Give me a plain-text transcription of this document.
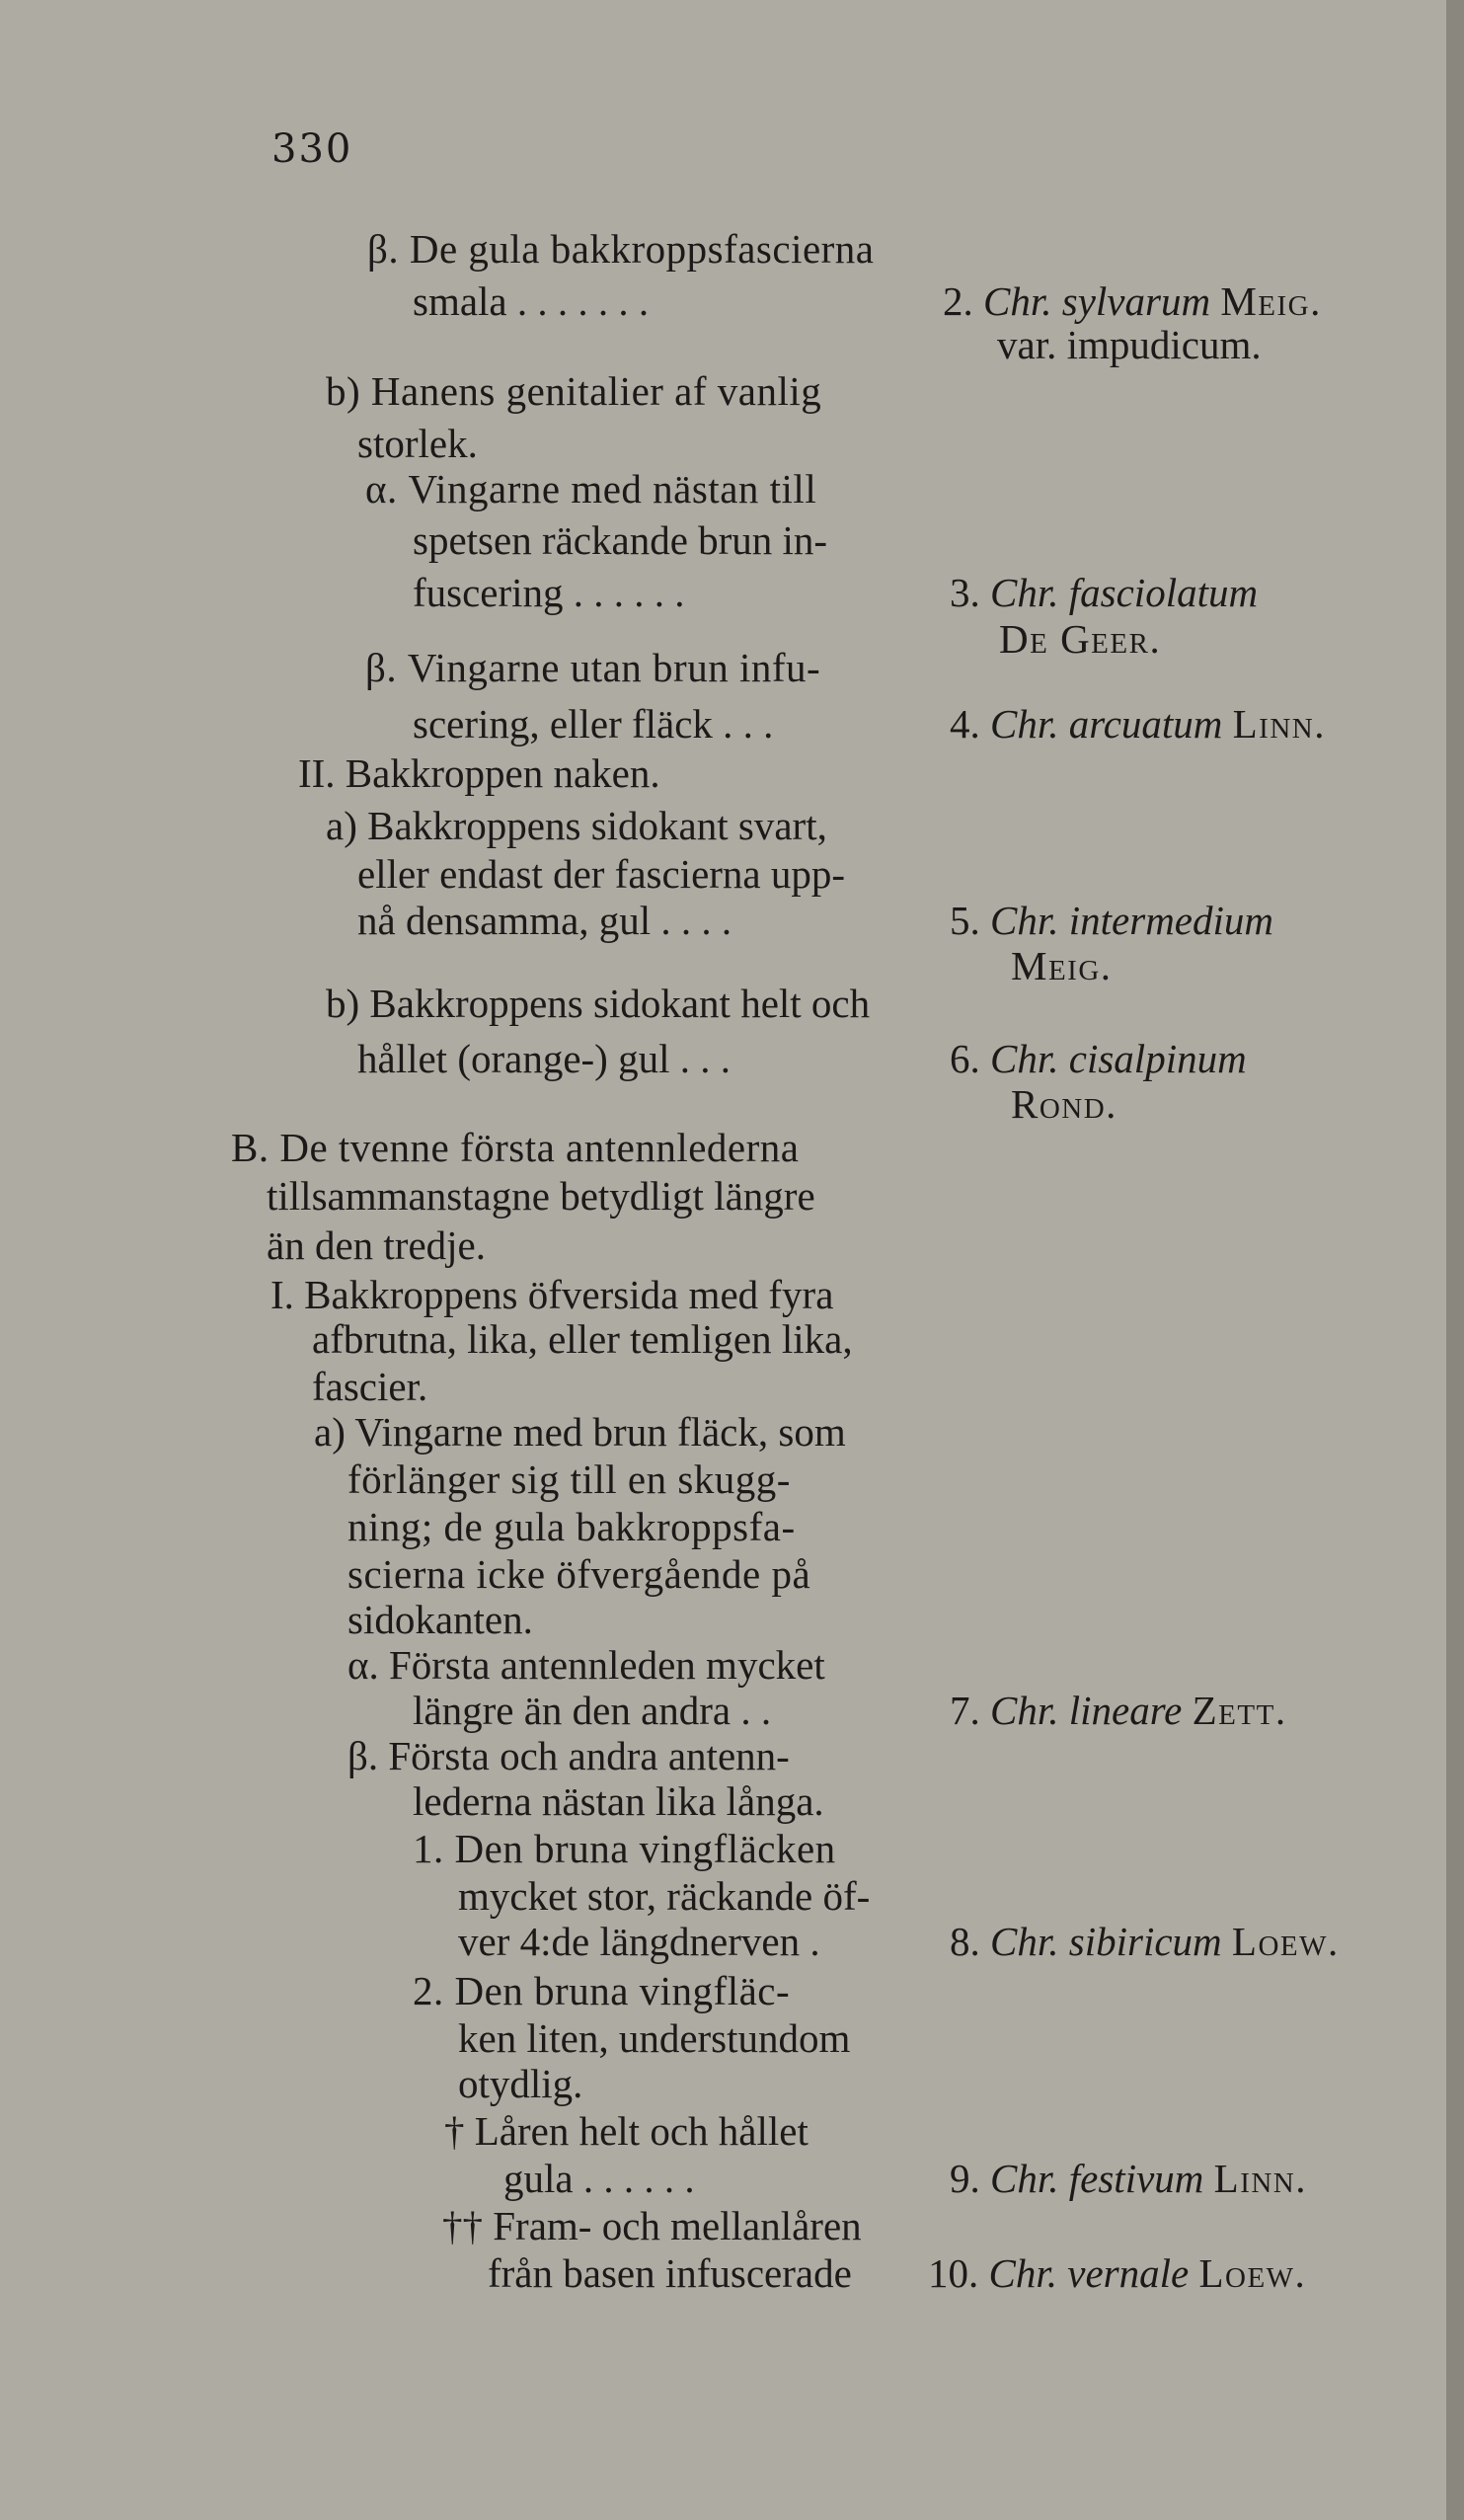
330
β. De gula bakkroppsfascierna
smala . . . . . . .
b) Hanens genitalier af vanlig
storlek.
α. Vingarne med nästan till
spetsen räckande brun in-
fuscering . . . . . .
β. Vingarne utan brun infu-
scering, eller fläck . . .
II. Bakkroppen naken.
a) Bakkroppens sidokant svart,
eller endast der fascierna upp-
nå densamma, gul . . . .
b) Bakkroppens sidokant helt och
hållet (orange-) gul . . .
B. De tvenne första antennlederna
tillsammanstagne betydligt längre
än den tredje.
I. Bakkroppens öfversida med fyra
afbrutna, lika, eller temligen lika,
fascier.
a) Vingarne med brun fläck, som
förlänger sig till en skugg-
ning; de gula bakkroppsfa-
scierna icke öfvergående på
sidokanten.
α. Första antennleden mycket
längre än den andra . .
β. Första och andra antenn-
lederna nästan lika långa.
1. Den bruna vingfläcken
mycket stor, räckande öf-
ver 4:de längdnerven .
2. Den bruna vingfläc-
ken liten, understundom
otydlig.
† Låren helt och hållet
gula . . . . . .
†† Fram- och mellanlåren
från basen infuscerade
2. Chr. sylvarum Meig.
var. impudicum.
3. Chr. fasciolatum
De Geer.
4. Chr. arcuatum Linn.
5. Chr. intermedium
Meig.
6. Chr. cisalpinum
Rond.
7. Chr. lineare Zett.
8. Chr. sibiricum Loew.
9. Chr. festivum Linn.
10. Chr. vernale Loew.
